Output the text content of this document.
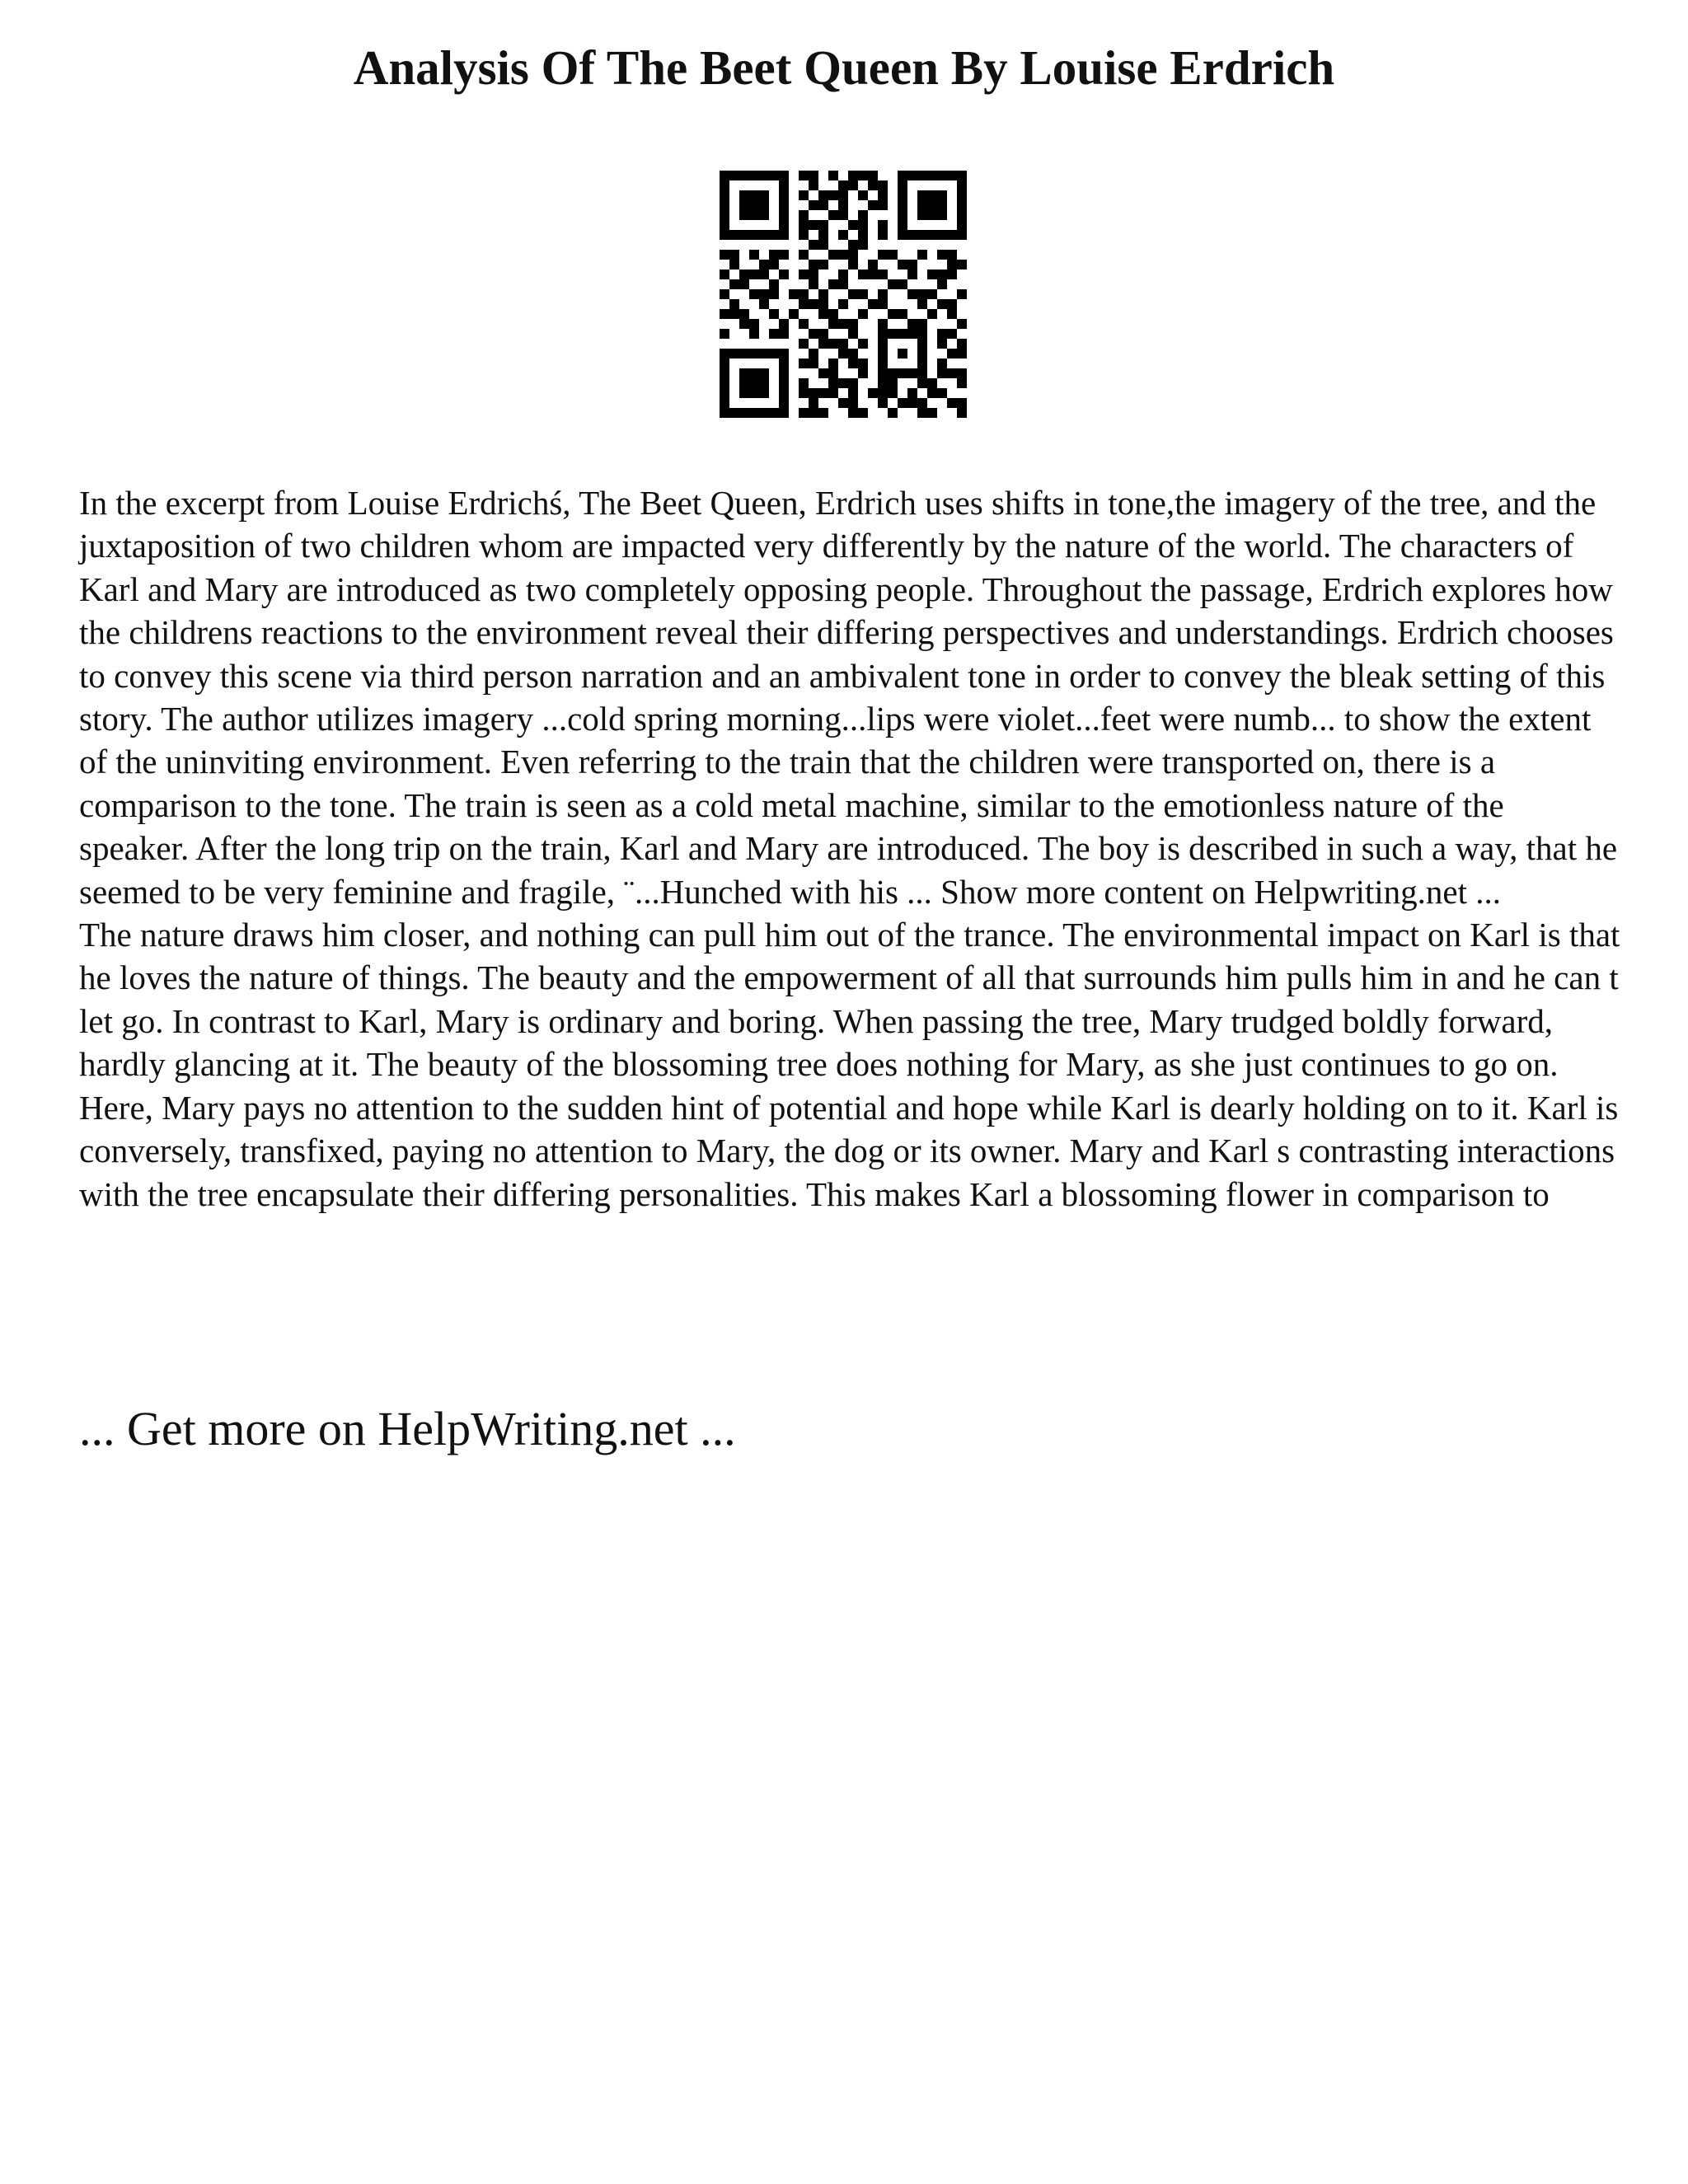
Analysis Of The Beet Queen By Louise Erdrich

In the excerpt from Louise Erdrichś, The Beet Queen, Erdrich uses shifts in tone,the imagery of the tree, and the juxtaposition of two children whom are impacted very differently by the nature of the world. The characters of Karl and Mary are introduced as two completely opposing people. Throughout the passage, Erdrich explores how the childrens reactions to the environment reveal their differing perspectives and understandings. Erdrich chooses to convey this scene via third person narration and an ambivalent tone in order to convey the bleak setting of this story. The author utilizes imagery ...cold spring morning...lips were violet...feet were numb... to show the extent of the uninviting environment. Even referring to the train that the children were transported on, there is a comparison to the tone. The train is seen as a cold metal machine, similar to the emotionless nature of the speaker. After the long trip on the train, Karl and Mary are introduced. The boy is described in such a way, that he seemed to be very feminine and fragile, ¨...Hunched with his ... Show more content on Helpwriting.net ...

The nature draws him closer, and nothing can pull him out of the trance. The environmental impact on Karl is that he loves the nature of things. The beauty and the empowerment of all that surrounds him pulls him in and he can t let go. In contrast to Karl, Mary is ordinary and boring. When passing the tree, Mary trudged boldly forward, hardly glancing at it. The beauty of the blossoming tree does nothing for Mary, as she just continues to go on. Here, Mary pays no attention to the sudden hint of potential and hope while Karl is dearly holding on to it. Karl is conversely, transfixed, paying no attention to Mary, the dog or its owner. Mary and Karl s contrasting interactions with the tree encapsulate their differing personalities. This makes Karl a blossoming flower in comparison to

... Get more on HelpWriting.net ...
